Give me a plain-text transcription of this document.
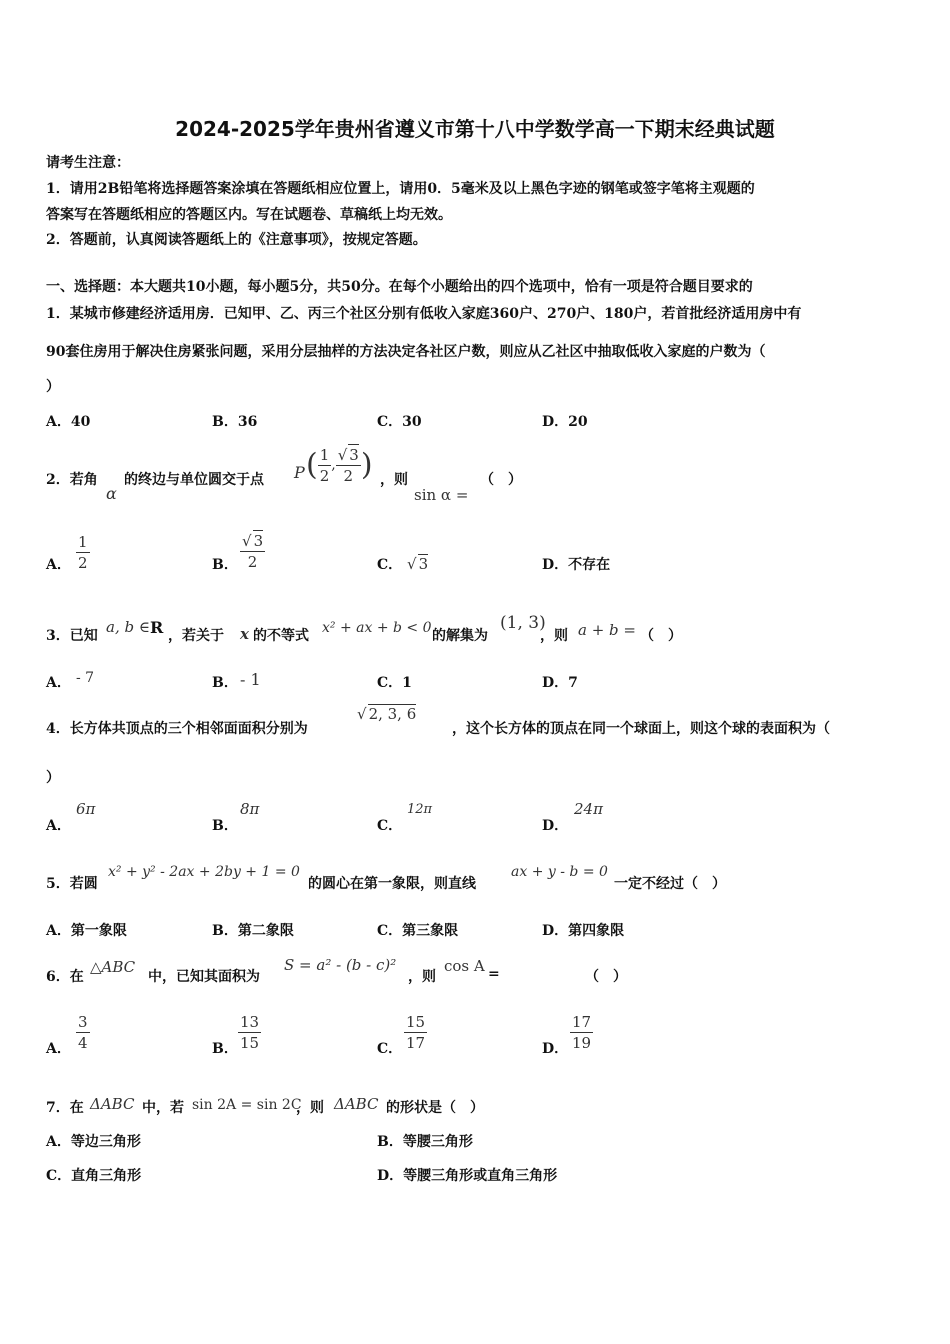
2024-2025学年贵州省遵义市第十八中学数学高一下期末经典试题
请考生注意：
1．请用2B铅笔将选择题答案涂填在答题纸相应位置上，请用0．5毫米及以上黑色字迹的钢笔或签字笔将主观题的
答案写在答题纸相应的答题区内。写在试题卷、草稿纸上均无效。
2．答题前，认真阅读答题纸上的《注意事项》，按规定答题。
一、选择题：本大题共10小题，每小题5分，共50分。在每个小题给出的四个选项中，恰有一项是符合题目要求的
1．某城市修建经济适用房．已知甲、乙、丙三个社区分别有低收入家庭360户、270户、180户，若首批经济适用房中有
90套住房用于解决住房紧张问题，采用分层抽样的方法决定各社区户数，则应从乙社区中抽取低收入家庭的户数为（
）
A．40	B．36	C．30	D．20
2．若角
α
的终边与单位圆交于点 P ( $\frac{1}{2}$ , √ $\frac{3}{2}$ ) ，则
sin α =
（　）
A． $\frac{1}{2}$	B． √ $\frac{3}{2}$	C． √	3	D．不存在
3．已知 a, b ∈ R ，若关于 x 的不等式 x² + ax + b < 0 的解集为
(1, 3)
，则 a + b = （　）
A． - 7	B． - 1	C．1	D．7
4．长方体共顶点的三个相邻面面积分别为
√ 2, 3, 6
，这个长方体的顶点在同一个球面上，则这个球的表面积为（
）
A．
6π
B．
8π
C．
12π
D．
24π
5．若圆
x² + y² - 2ax + 2by + 1 = 0
的圆心在第一象限，则直线
ax + y - b = 0
一定不经过（　）
A．第一象限	B．第二象限	C．第三象限	D．第四象限
6．在
△ABC
中，已知其面积为
S = a² - (b - c)²
，则
cos A =	（　）
A． $\frac{3}{4}$	B． $\frac{13}{15}$	C． $\frac{15}{17}$	D． $\frac{17}{19}$
7．在 ΔABC 中，若 sin 2A = sin 2C
，则 ΔABC 的形状是（　）
A．等边三角形	B．等腰三角形
C．直角三角形	D．等腰三角形或直角三角形
